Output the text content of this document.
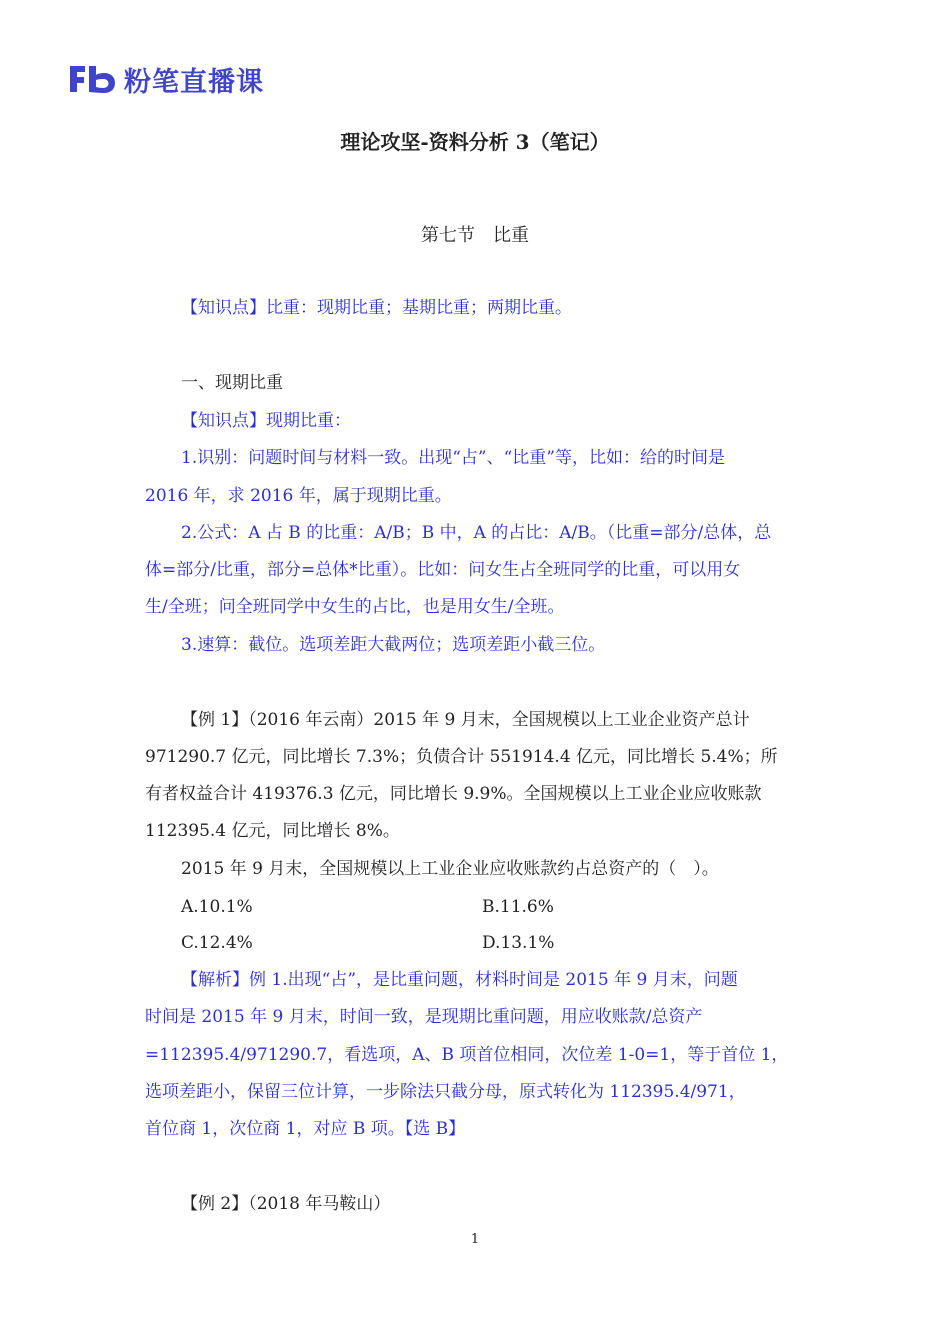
粉笔直播课
理论攻坚-资料分析 3（笔记）
第七节　比重
【知识点】比重：现期比重；基期比重；两期比重。
一、现期比重
【知识点】现期比重：
1.识别：问题时间与材料一致。出现“占”、“比重”等，比如：给的时间是
2016 年，求 2016 年，属于现期比重。
2.公式：A 占 B 的比重：A/B；B 中，A 的占比：A/B。（比重=部分/总体，总
体=部分/比重，部分=总体*比重）。比如：问女生占全班同学的比重，可以用女
生/全班；问全班同学中女生的占比，也是用女生/全班。
3.速算：截位。选项差距大截两位；选项差距小截三位。
【例 1】（2016 年云南）2015 年 9 月末，全国规模以上工业企业资产总计
971290.7 亿元，同比增长 7.3%；负债合计 551914.4 亿元，同比增长 5.4%；所
有者权益合计 419376.3 亿元，同比增长 9.9%。全国规模以上工业企业应收账款
112395.4 亿元，同比增长 8%。
2015 年 9 月末，全国规模以上工业企业应收账款约占总资产的（　）。
A.10.1%	B.11.6%
C.12.4%	D.13.1%
【解析】例 1.出现“占”，是比重问题，材料时间是 2015 年 9 月末，问题
时间是 2015 年 9 月末，时间一致，是现期比重问题，用应收账款/总资产
=112395.4/971290.7，看选项，A、B 项首位相同，次位差 1-0=1，等于首位 1，
选项差距小，保留三位计算，一步除法只截分母，原式转化为 112395.4/971，
首位商 1，次位商 1，对应 B 项。【选 B】
【例 2】（2018 年马鞍山）
1
